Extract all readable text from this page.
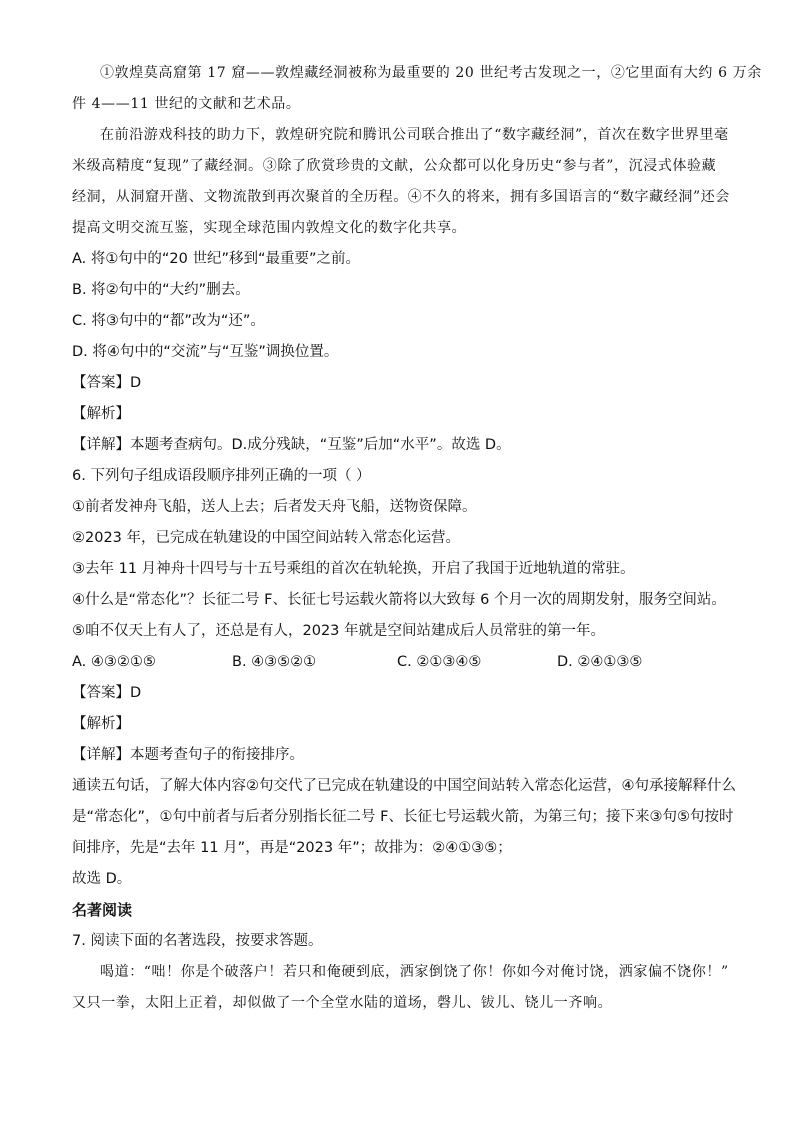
①敦煌莫高窟第 17 窟——敦煌藏经洞被称为最重要的 20 世纪考古发现之一，②它里面有大约 6 万余

件 4——11 世纪的文献和艺术品。

在前沿游戏科技的助力下，敦煌研究院和腾讯公司联合推出了“数字藏经洞”，首次在数字世界里毫

米级高精度“复现”了藏经洞。③除了欣赏珍贵的文献，公众都可以化身历史“参与者”，沉浸式体验藏

经洞，从洞窟开凿、文物流散到再次聚首的全历程。④不久的将来，拥有多国语言的“数字藏经洞”还会

提高文明交流互鉴，实现全球范围内敦煌文化的数字化共享。

A. 将①句中的“20 世纪”移到“最重要”之前。

B. 将②句中的“大约”删去。

C. 将③句中的“都”改为“还”。

D. 将④句中的“交流”与“互鉴”调换位置。

【答案】D

【解析】

【详解】本题考查病句。D.成分残缺，“互鉴”后加“水平”。故选 D。

6. 下列句子组成语段顺序排列正确的一项（ ）

①前者发神舟飞船，送人上去；后者发天舟飞船，送物资保障。

②2023 年，已完成在轨建设的中国空间站转入常态化运营。

③去年 11 月神舟十四号与十五号乘组的首次在轨轮换，开启了我国于近地轨道的常驻。

④什么是“常态化”？长征二号 F、长征七号运载火箭将以大致每 6 个月一次的周期发射，服务空间站。

⑤咱不仅天上有人了，还总是有人，2023 年就是空间站建成后人员常驻的第一年。

A. ④③②①⑤	B. ④③⑤②①	C. ②①③④⑤	D. ②④①③⑤

【答案】D

【解析】

【详解】本题考查句子的衔接排序。

通读五句话，了解大体内容②句交代了已完成在轨建设的中国空间站转入常态化运营，④句承接解释什么

是“常态化”，①句中前者与后者分别指长征二号 F、长征七号运载火箭，为第三句；接下来③句⑤句按时

间排序，先是“去年 11 月”，再是“2023 年”；故排为：②④①③⑤；

故选 D。

名著阅读

7. 阅读下面的名著选段，按要求答题。

喝道：“咄！你是个破落户！若只和俺硬到底，洒家倒饶了你！你如今对俺讨饶，洒家偏不饶你！”

又只一拳，太阳上正着，却似做了一个全堂水陆的道场，磬儿、钹儿、铙儿一齐响。
